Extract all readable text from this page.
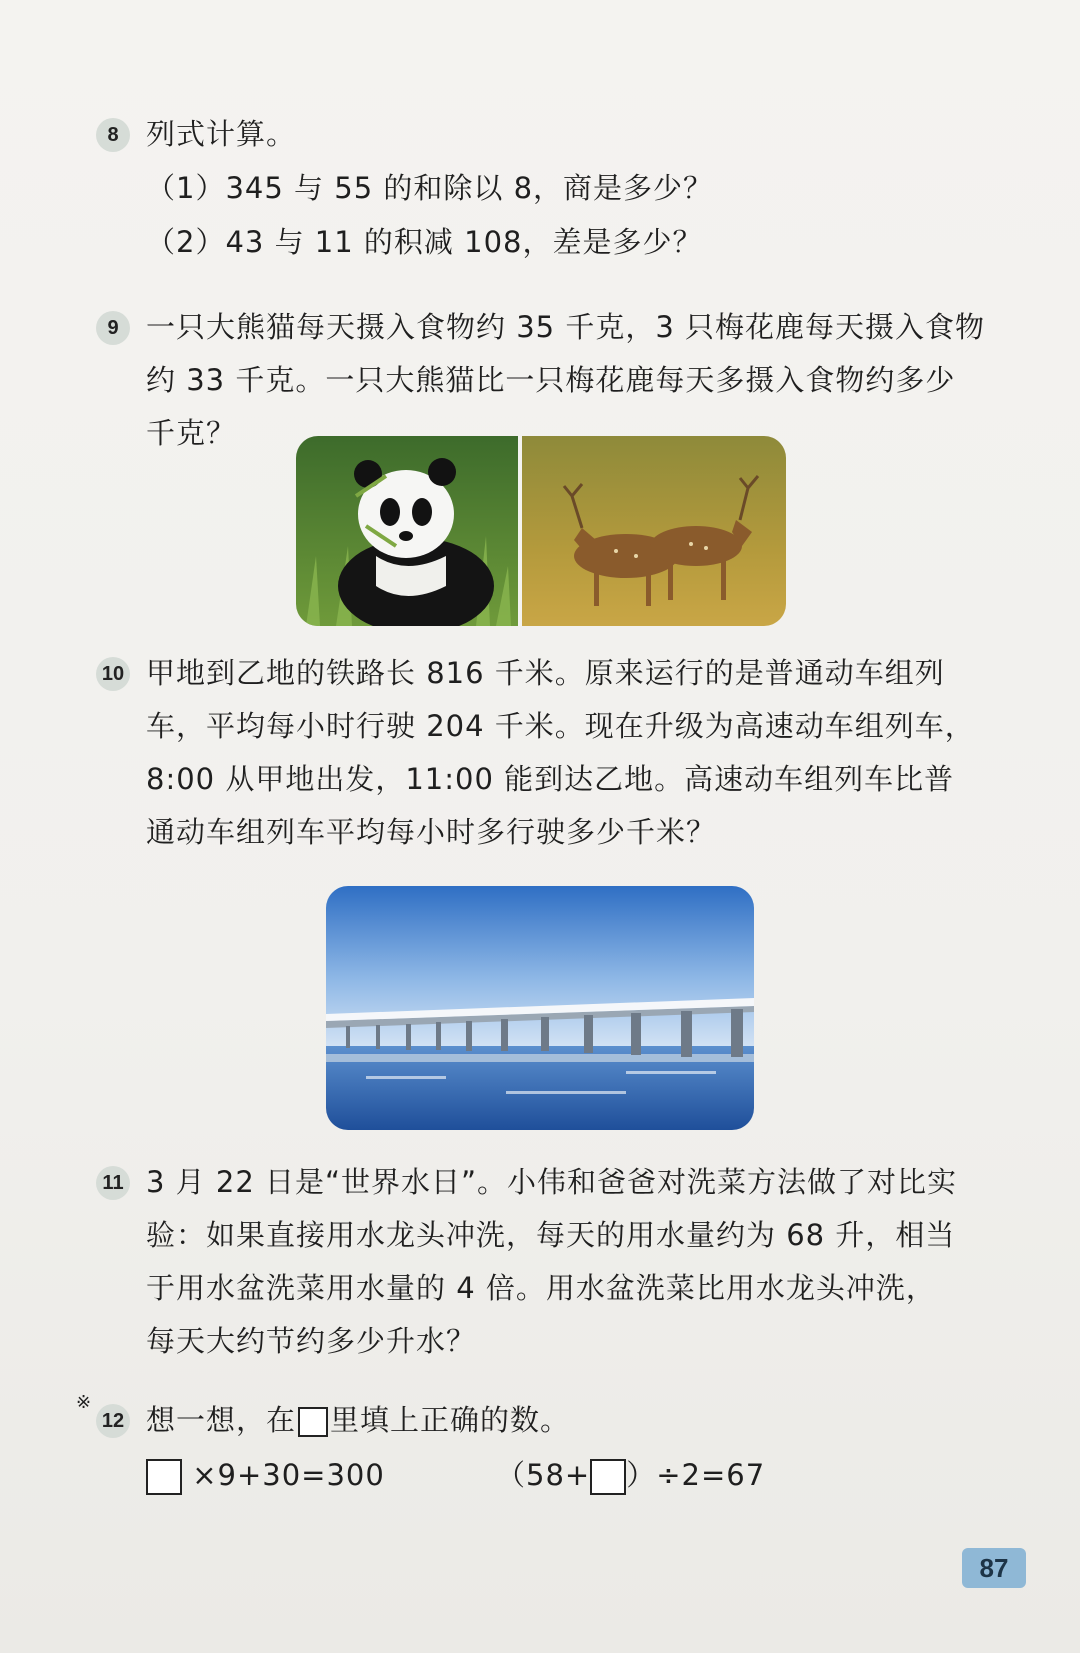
8 列式计算。
（1）345 与 55 的和除以 8，商是多少？
（2）43 与 11 的积减 108，差是多少？
9 一只大熊猫每天摄入食物约 35 千克，3 只梅花鹿每天摄入食物
约 33 千克。一只大熊猫比一只梅花鹿每天多摄入食物约多少
千克？
10 甲地到乙地的铁路长 816 千米。原来运行的是普通动车组列
车，平均每小时行驶 204 千米。现在升级为高速动车组列车，
8:00 从甲地出发，11:00 能到达乙地。高速动车组列车比普
通动车组列车平均每小时多行驶多少千米？
11 3 月 22 日是“世界水日”。小伟和爸爸对洗菜方法做了对比实
验：如果直接用水龙头冲洗，每天的用水量约为 68 升，相当
于用水盆洗菜用水量的 4 倍。用水盆洗菜比用水龙头冲洗，
每天大约节约多少升水？
※
12 想一想，在 里填上正确的数。
×9+30=300	（58+ ）÷2=67
87
